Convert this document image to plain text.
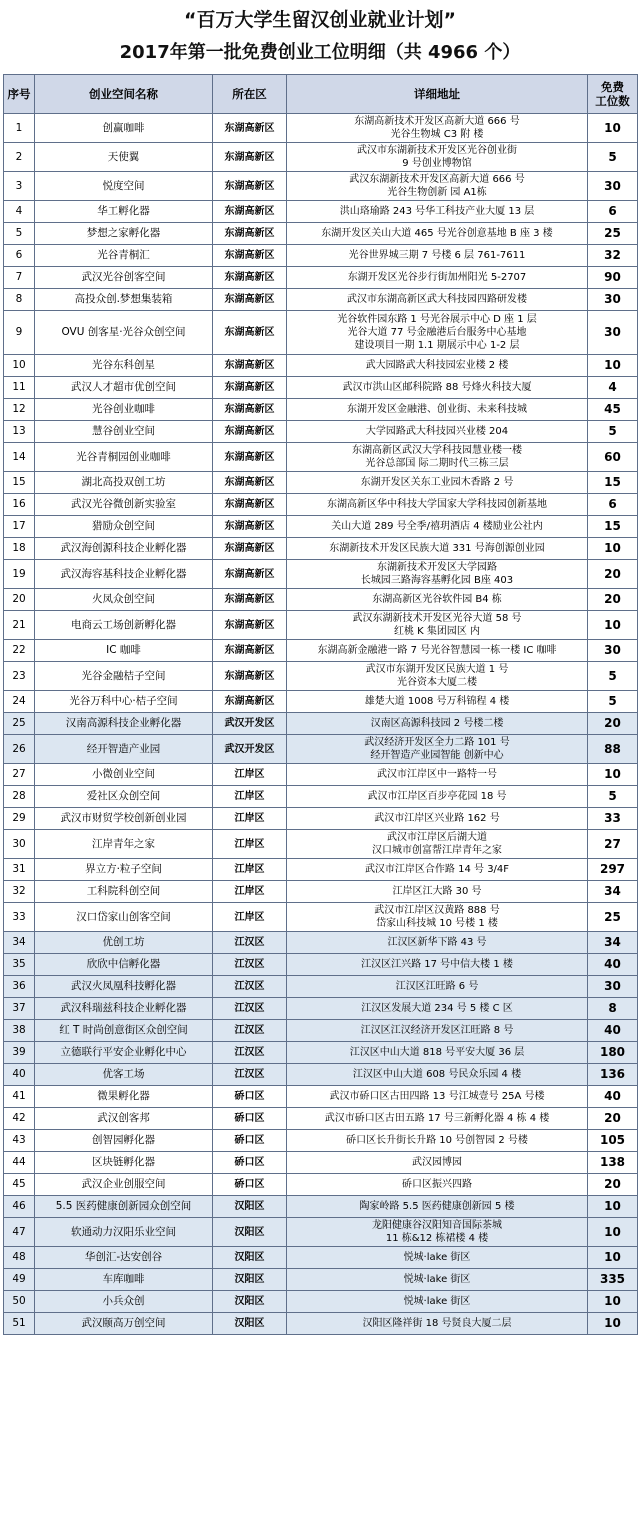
“百万大学生留汉创业就业计划”
2017年第一批免费创业工位明细（共 4966 个）
序号	创业空间名称	所在区	详细地址	免费
工位数
1	创赢咖啡	东湖高新区	东湖高新技术开发区高新大道 666 号
光谷生物城 C3 附 楼	10
2	天使翼	东湖高新区	武汉市东湖新技术开发区光谷创业街
9 号创业博物馆	5
3	悦度空间	东湖高新区	武汉东湖新技术开发区高新大道 666 号
光谷生物创新 园 A1栋	30
4	华工孵化器	东湖高新区	洪山珞瑜路 243 号华工科技产业大厦 13 层	6
5	梦想之家孵化器	东湖高新区	东湖开发区关山大道 465 号光谷创意基地 B 座 3 楼	25
6	光谷青桐汇	东湖高新区	光谷世界城三期 7 号楼 6 层 761-7611	32
7	武汉光谷创客空间	东湖高新区	东湖开发区光谷步行街加州阳光 5-2707	90
8	高投众创.梦想集装箱	东湖高新区	武汉市东湖高新区武大科技园四路研发楼	30
9	OVU 创客星·光谷众创空间	东湖高新区	光谷软件园东路 1 号光谷展示中心 D 座 1 层
光谷大道 77 号金融港后台服务中心基地
建设项目一期 1.1 期展示中心 1-2 层	30
10	光谷东科创星	东湖高新区	武大园路武大科技园宏业楼 2 楼	10
11	武汉人才超市优创空间	东湖高新区	武汉市洪山区邮科院路 88 号烽火科技大厦	4
12	光谷创业咖啡	东湖高新区	东湖开发区金融港、创业街、未来科技城	45
13	慧谷创业空间	东湖高新区	大学园路武大科技园兴业楼 204	5
14	光谷青桐园创业咖啡	东湖高新区	东湖高新区武汉大学科技园慧业楼一楼
光谷总部国 际二期时代三栋三层	60
15	湖北高投双创工坊	东湖高新区	东湖开发区关东工业园木香路 2 号	15
16	武汉光谷微创新实验室	东湖高新区	东湖高新区华中科技大学国家大学科技园创新基地	6
17	猎励众创空间	东湖高新区	关山大道 289 号全季/禧玥酒店 4 楼励业公社内	15
18	武汉海创源科技企业孵化器	东湖高新区	东湖新技术开发区民族大道 331 号海创源创业园	10
19	武汉海容基科技企业孵化器	东湖高新区	东湖新技术开发区大学园路
长城园三路海容基孵化园 B座 403	20
20	火凤众创空间	东湖高新区	东湖高新区光谷软件园 B4 栋	20
21	电商云工场创新孵化器	东湖高新区	武汉东湖新技术开发区光谷大道 58 号
红桃 K 集团园区 内	10
22	IC 咖啡	东湖高新区	东湖高新金融港一路 7 号光谷智慧园一栋一楼 IC 咖啡	30
23	光谷金融桔子空间	东湖高新区	武汉市东湖开发区民族大道 1 号
光谷资本大厦二楼	5
24	光谷万科中心·桔子空间	东湖高新区	雄楚大道 1008 号万科锦程 4 楼	5
25	汉南高源科技企业孵化器	武汉开发区	汉南区高源科技园 2 号楼二楼	20
26	经开智造产业园	武汉开发区	武汉经济开发区全力二路 101 号
经开智造产业园智能 创新中心	88
27	小微创业空间	江岸区	武汉市江岸区中一路特一号	10
28	爱社区众创空间	江岸区	武汉市江岸区百步亭花园 18 号	5
29	武汉市财贸学校创新创业园	江岸区	武汉市江岸区兴业路 162 号	33
30	江岸青年之家	江岸区	武汉市江岸区后湖大道
汉口城市创富帮江岸青年之家	27
31	界立方·粒子空间	江岸区	武汉市江岸区合作路 14 号 3/4F	297
32	工科院科创空间	江岸区	江岸区江大路 30 号	34
33	汉口岱家山创客空间	江岸区	武汉市江岸区汉黄路 888 号
岱家山科技城 10 号楼 1 楼	25
34	优创工坊	江汉区	江汉区新华下路 43 号	34
35	欣欣中信孵化器	江汉区	江汉区江兴路 17 号中信大楼 1 楼	40
36	武汉火凤凰科技孵化器	江汉区	江汉区江旺路 6 号	30
37	武汉科瑞兹科技企业孵化器	江汉区	江汉区发展大道 234 号 5 楼 C 区	8
38	红 T 时尚创意街区众创空间	江汉区	江汉区江汉经济开发区江旺路 8 号	40
39	立德联行平安企业孵化中心	江汉区	江汉区中山大道 818 号平安大厦 36 层	180
40	优客工场	江汉区	江汉区中山大道 608 号民众乐园 4 楼	136
41	微果孵化器	硚口区	武汉市硚口区古田四路 13 号江城壹号 25A 号楼	40
42	武汉创客邦	硚口区	武汉市硚口区古田五路 17 号三新孵化器 4 栋 4 楼	20
43	创智园孵化器	硚口区	硚口区长升街长升路 10 号创智园 2 号楼	105
44	区块链孵化器	硚口区	武汉园博园	138
45	武汉企业创服空间	硚口区	硚口区振兴四路	20
46	5.5 医药健康创新园众创空间	汉阳区	陶家岭路 5.5 医药健康创新园 5 楼	10
47	软通动力汉阳乐业空间	汉阳区	龙阳健康谷汉阳知音国际茶城
11 栋&12 栋裙楼 4 楼	10
48	华创汇-达安创谷	汉阳区	悦城·lake 街区	10
49	车库咖啡	汉阳区	悦城·lake 街区	335
50	小兵众创	汉阳区	悦城·lake 街区	10
51	武汉颐高万创空间	汉阳区	汉阳区隆祥街 18 号贤良大厦二层	10
